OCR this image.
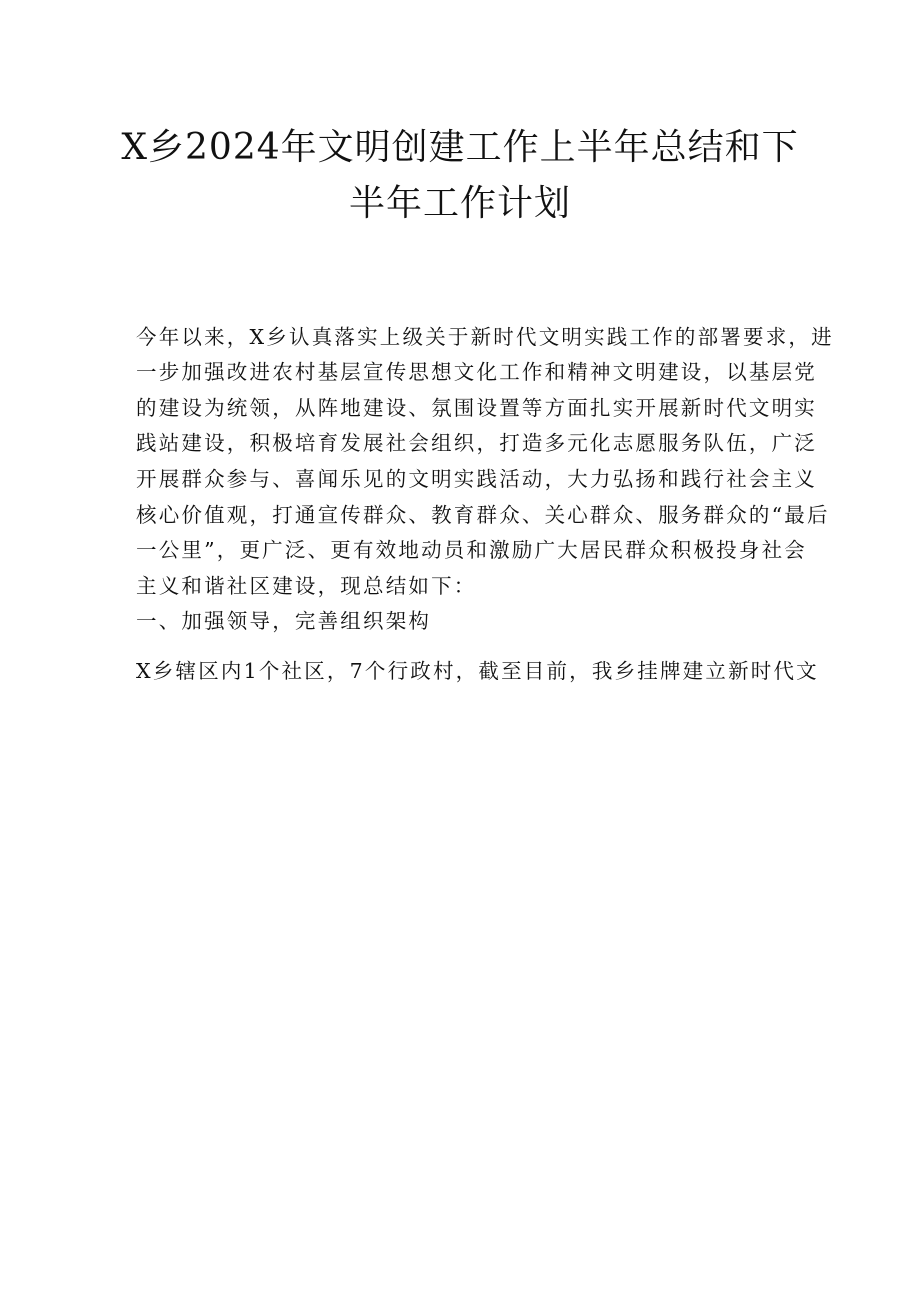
X乡2024年文明创建工作上半年总结和下
半年工作计划
今年以来，X乡认真落实上级关于新时代文明实践工作的部署要求，进
一步加强改进农村基层宣传思想文化工作和精神文明建设，以基层党
的建设为统领，从阵地建设、氛围设置等方面扎实开展新时代文明实
践站建设，积极培育发展社会组织，打造多元化志愿服务队伍，广泛
开展群众参与、喜闻乐见的文明实践活动，大力弘扬和践行社会主义
核心价值观，打通宣传群众、教育群众、关心群众、服务群众的“最后
一公里”，更广泛、更有效地动员和激励广大居民群众积极投身社会
主义和谐社区建设，现总结如下：
一、加强领导，完善组织架构
X乡辖区内1个社区，7个行政村，截至目前，我乡挂牌建立新时代文
